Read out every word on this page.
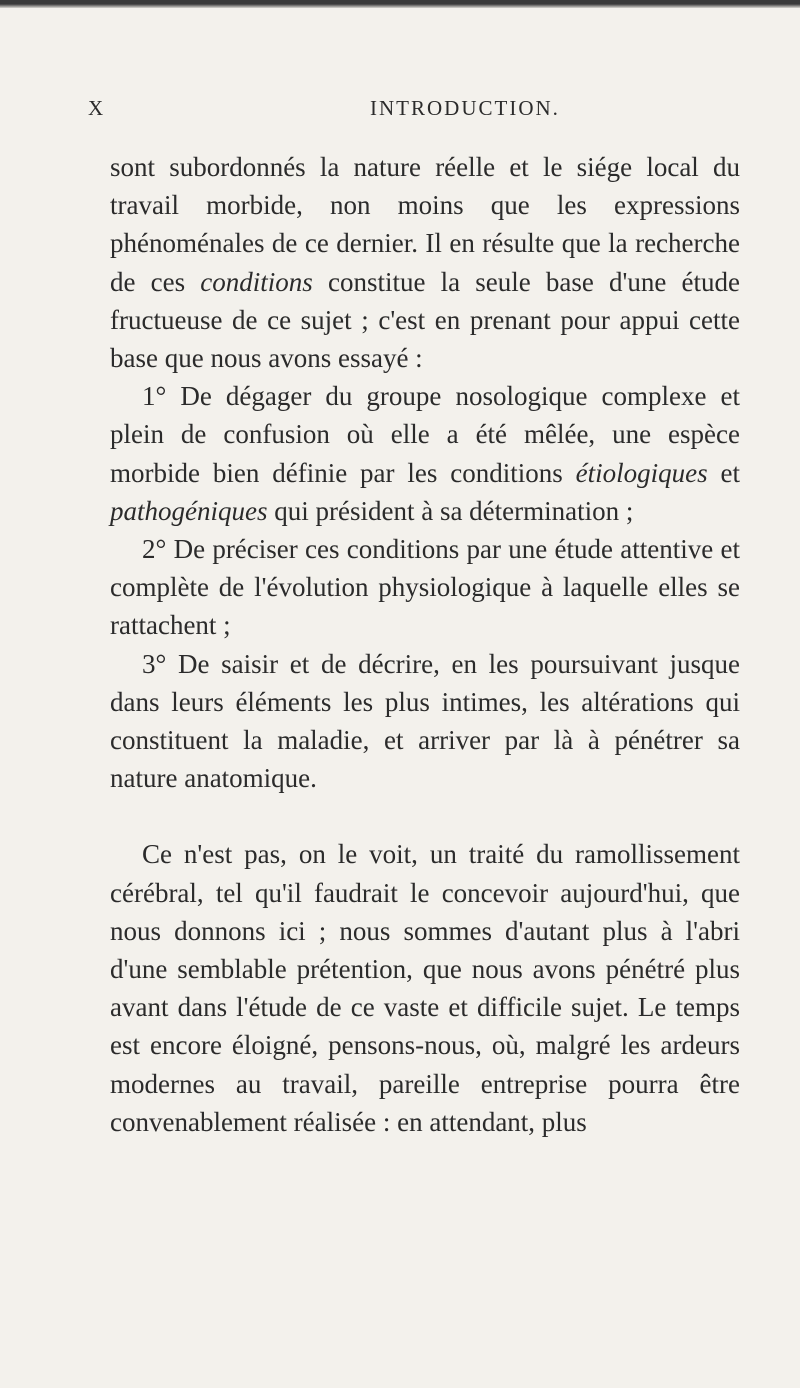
X	INTRODUCTION.

sont subordonnés la nature réelle et le siége local du travail morbide, non moins que les expressions phénoménales de ce dernier. Il en résulte que la recherche de ces conditions constitue la seule base d'une étude fructueuse de ce sujet ; c'est en prenant pour appui cette base que nous avons essayé :

1° De dégager du groupe nosologique complexe et plein de confusion où elle a été mêlée, une espèce morbide bien définie par les conditions étiologiques et pathogéniques qui président à sa détermination ;

2° De préciser ces conditions par une étude attentive et complète de l'évolution physiologique à laquelle elles se rattachent ;

3° De saisir et de décrire, en les poursuivant jusque dans leurs éléments les plus intimes, les altérations qui constituent la maladie, et arriver par là à pénétrer sa nature anatomique.

Ce n'est pas, on le voit, un traité du ramollissement cérébral, tel qu'il faudrait le concevoir aujourd'hui, que nous donnons ici ; nous sommes d'autant plus à l'abri d'une semblable prétention, que nous avons pénétré plus avant dans l'étude de ce vaste et difficile sujet. Le temps est encore éloigné, pensons-nous, où, malgré les ardeurs modernes au travail, pareille entreprise pourra être convenablement réalisée : en attendant, plus
